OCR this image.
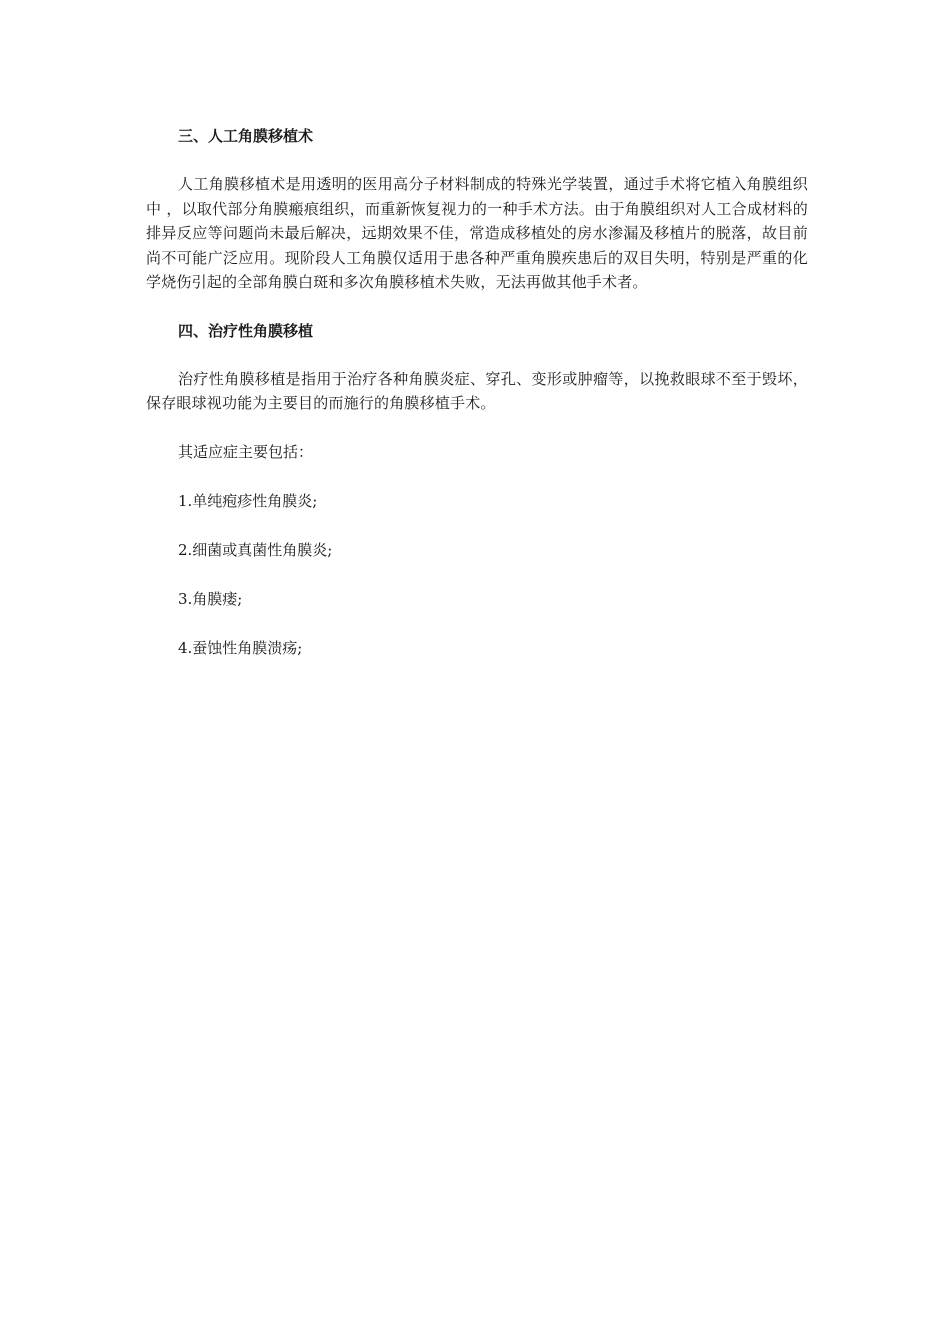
三、人工角膜移植术

人工角膜移植术是用透明的医用高分子材料制成的特殊光学装置，通过手术将它植入角膜组织中 ，以取代部分角膜瘢痕组织，而重新恢复视力的一种手术方法。由于角膜组织对人工合成材料的排异反应等问题尚未最后解决，远期效果不佳，常造成移植处的房水渗漏及移植片的脱落，故目前尚不可能广泛应用。现阶段人工角膜仅适用于患各种严重角膜疾患后的双目失明，特别是严重的化学烧伤引起的全部角膜白斑和多次角膜移植术失败，无法再做其他手术者。

四、治疗性角膜移植

治疗性角膜移植是指用于治疗各种角膜炎症、穿孔、变形或肿瘤等，以挽救眼球不至于毁坏，保存眼球视功能为主要目的而施行的角膜移植手术。

其适应症主要包括：
1.单纯疱疹性角膜炎;
2.细菌或真菌性角膜炎;
3.角膜瘘;
4.蚕蚀性角膜溃疡;
